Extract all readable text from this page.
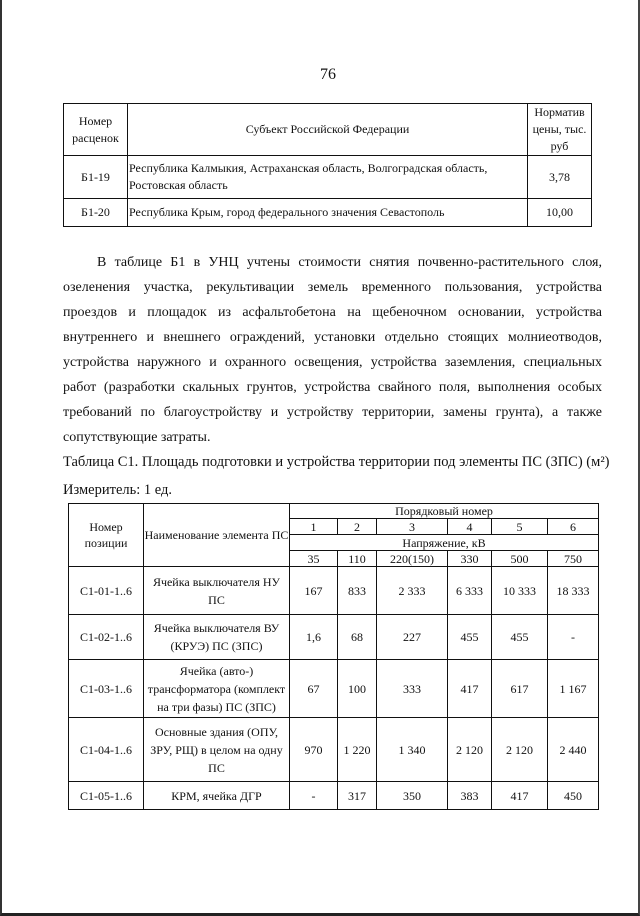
76
Номер расценок	Субъект Российской Федерации	Норматив цены, тыс. руб
Б1-19	Республика Калмыкия, Астраханская область, Волгоградская область, Ростовская область	3,78
Б1-20	Республика Крым, город федерального значения Севастополь	10,00
В таблице Б1 в УНЦ учтены стоимости снятия почвенно-растительного слоя,
озеленения участка, рекультивации земель временного пользования, устройства
проездов и площадок из асфальтобетона на щебеночном основании, устройства
внутреннего и внешнего ограждений, установки отдельно стоящих молниеотводов,
устройства наружного и охранного освещения, устройства заземления, специальных
работ (разработки скальных грунтов, устройства свайного поля, выполнения особых
требований по благоустройству и устройству территории, замены грунта), а также
сопутствующие затраты.
Таблица С1. Площадь подготовки и устройства территории под элементы ПС (ЗПС) (м²)
Измеритель: 1 ед.
Номер позиции	Наименование элемента ПС	Порядковый номер					
		1	2	3	4	5	6
		Напряжение, кВ					
		35	110	220(150)	330	500	750
С1-01-1..6	Ячейка выключателя НУ ПС	167	833	2 333	6 333	10 333	18 333
С1-02-1..6	Ячейка выключателя ВУ (КРУЭ) ПС (ЗПС)	1,6	68	227	455	455	-
С1-03-1..6	Ячейка (авто-) трансформатора (комплект на три фазы) ПС (ЗПС)	67	100	333	417	617	1 167
С1-04-1..6	Основные здания (ОПУ, ЗРУ, РЩ) в целом на одну ПС	970	1 220	1 340	2 120	2 120	2 440
С1-05-1..6	КРМ, ячейка ДГР	-	317	350	383	417	450
